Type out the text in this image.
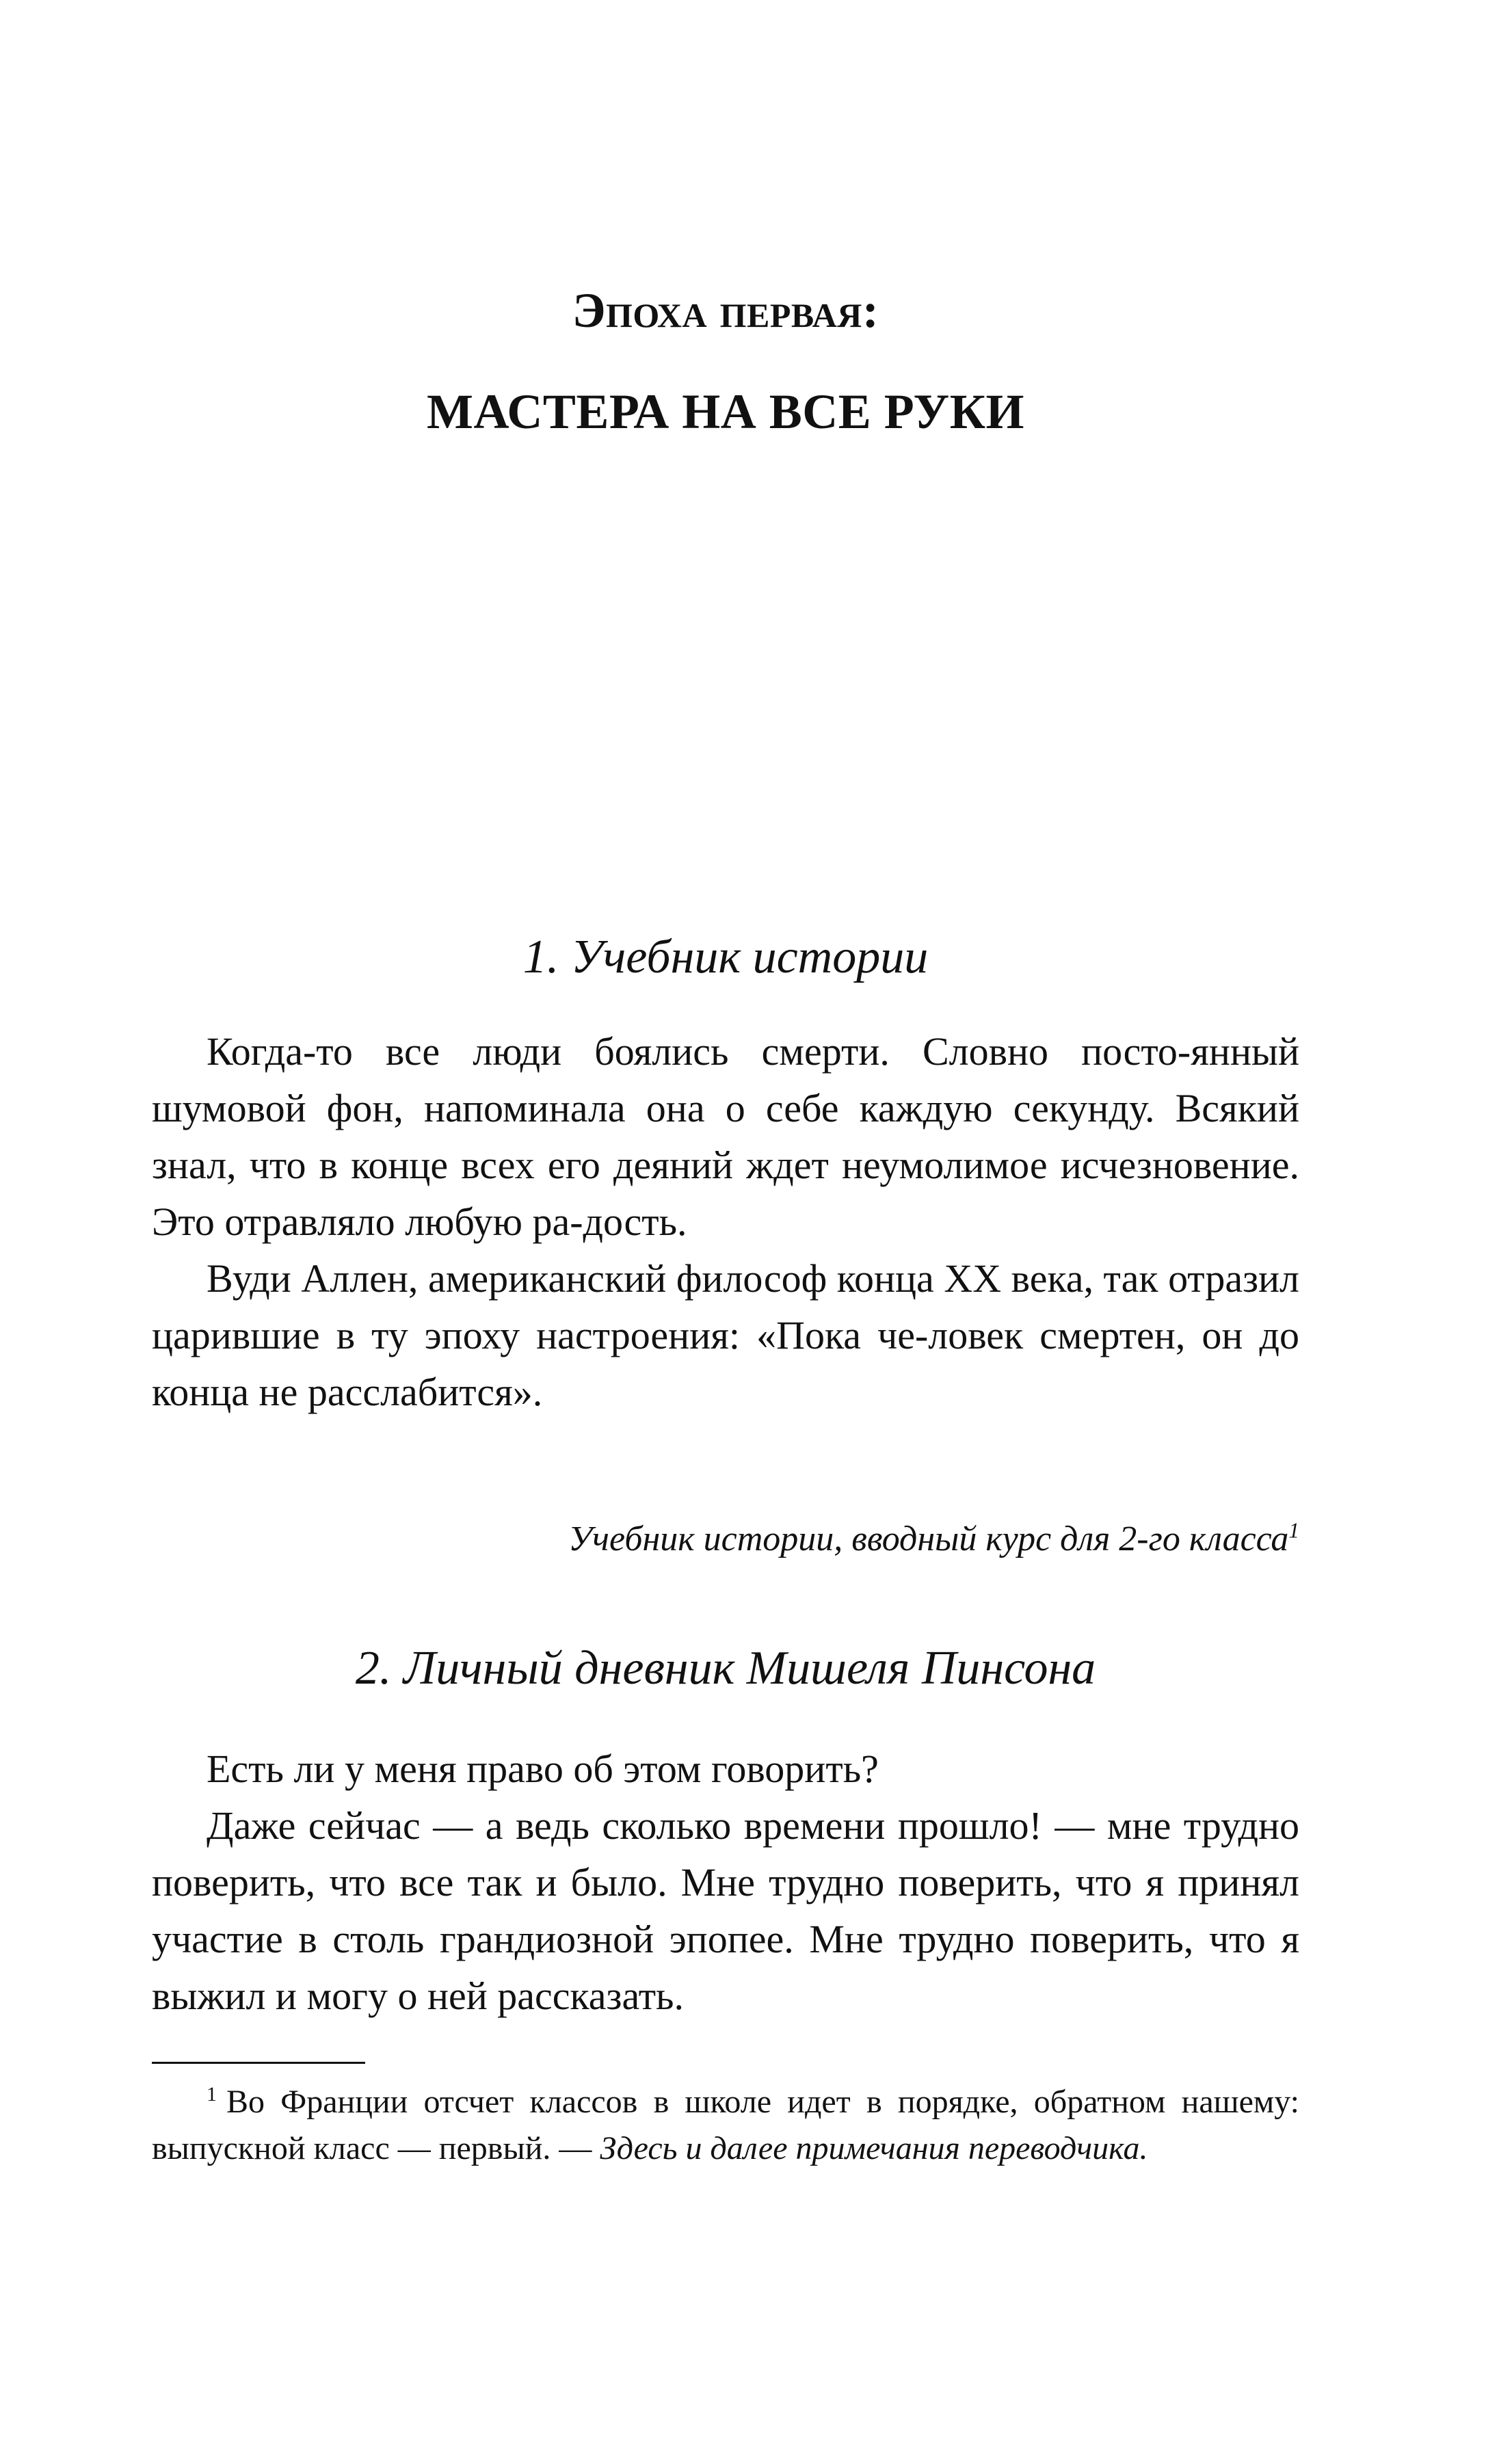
Эпоха первая:
МАСТЕРА НА ВСЕ РУКИ
1. Учебник истории

Когда-то все люди боялись смерти. Словно посто-янный шумовой фон, напоминала она о себе каждую секунду. Всякий знал, что в конце всех его деяний ждет неумолимое исчезновение. Это отравляло любую ра-дость.

Вуди Аллен, американский философ конца XX века, так отразил царившие в ту эпоху настроения: «Пока че-ловек смертен, он до конца не расслабится».

Учебник истории, вводный курс для 2-го класса$^1$
2. Личный дневник Мишеля Пинсона

Есть ли у меня право об этом говорить?

Даже сейчас — а ведь сколько времени прошло! — мне трудно поверить, что все так и было. Мне трудно поверить, что я принял участие в столь грандиозной эпопее. Мне трудно поверить, что я выжил и могу о ней рассказать.

1 Во Франции отсчет классов в школе идет в порядке, обратном нашему: выпускной класс — первый. — Здесь и далее примечания переводчика.
